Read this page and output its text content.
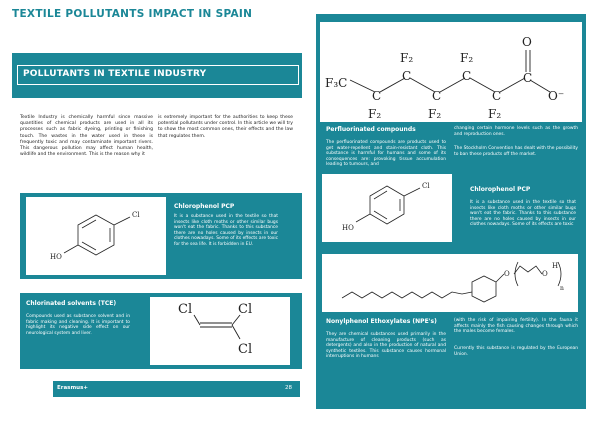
TEXTILE POLLUTANTS IMPACT IN SPAIN
POLLUTANTS IN TEXTILE INDUSTRY
Textile Industry is chemically harmful since massive quantities of chemical products are used in all its processes such as fabric dyeing, printing or finishing touch. The wastes in the water used in these is frequently toxic and may contaminate important rivers. This dangerous pollution may affect human health, wildlife and the environment. This is the reason why it
is extremely important for the authorities to keep these potential pollutants under control. In this article we will try to show the most common ones, their effects and the law that regulates them.
Cl
HO
Chlorophenol PCP
It is a substance used in the textile so that insects like cloth moths or other similar bugs won't eat the fabric. Thanks to this substance there are no holes caused by insects in our clothes nowadays. Some of its effects are toxic for the sea life. It is forbidden in EU.
Chlorinated solvents (TCE)
Compounds used as substance solvent and in fabric making and cleaning. It is important to highlight its negative side effect on our neurological system and liver.
Cl	Cl
Cl
Erasmus+	28
F₃C
C
F₂
C
F₂
C
F₂
C
F₂
C
F₂
C
O
O⁻
Perfluorinated compounds
The perfluorinated compounds are products used to get water-repellent and stain-resistant cloth. This substance is harmful for humans and some of its consequences are: provoking tissue accumulation leading to tumours, and
changing certain hormone levels such as the growth and reproduction ones.
The Stockholm Convention has dealt with the possibility to ban these products off the market.
Cl
HO
Chlorophenol PCP
It is a substance used in the textile so that insects like cloth moths or other similar bugs won't eat the fabric. Thanks to this substance there are no holes caused by insects in our clothes nowadays. Some of its effects are toxic
O	O
H
n
Nonylphenol Ethoxylates (NPE's)
They are chemical substances used primarily in the manufacture of cleaning products (such as detergents) and also in the production of natural and synthetic textiles. This substance causes hormonal interruptions in humans
(with the risk of impairing fertility). In the fauna it affects mainly the fish causing changes through which the males become females.
Currently this substance is regulated by the European Union.
